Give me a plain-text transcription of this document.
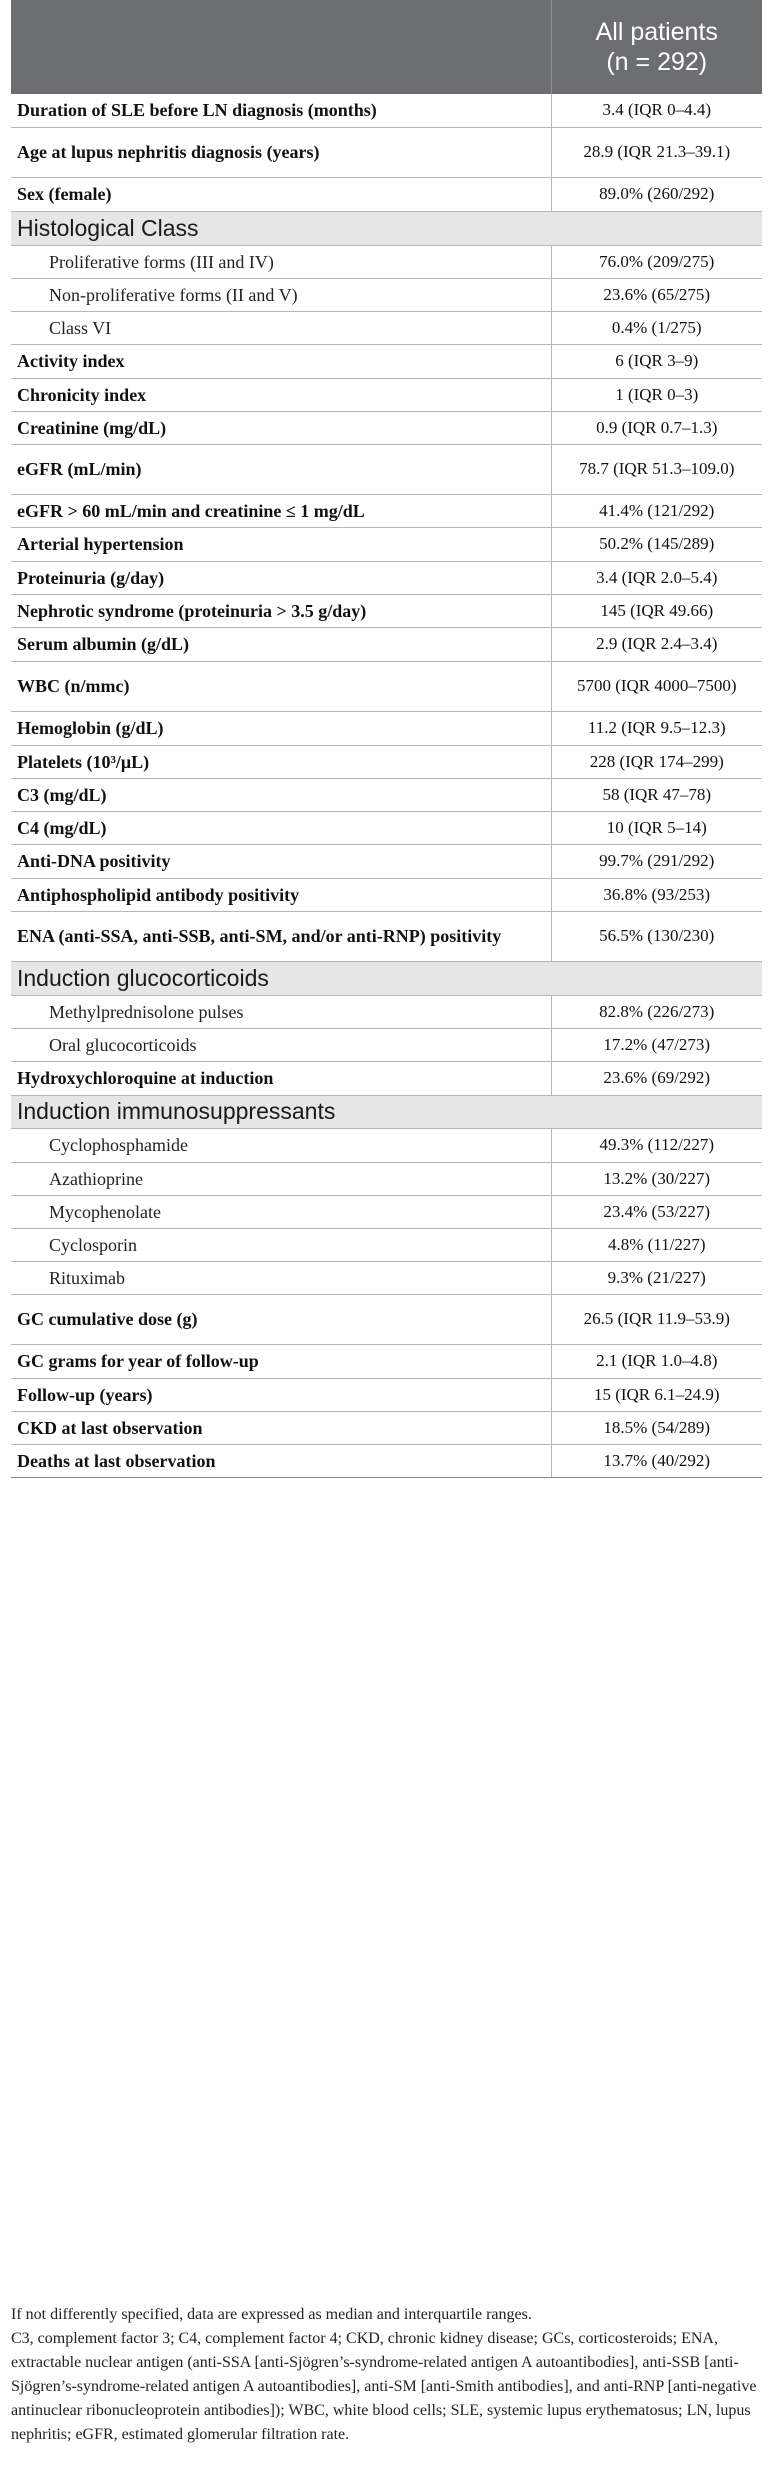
	All patients
(n = 292)

Duration of SLE before LN diagnosis (months)	3.4 (IQR 0–4.4)
Age at lupus nephritis diagnosis (years)	28.9 (IQR 21.3–39.1)
Sex (female)	89.0% (260/292)
Histological Class	
Proliferative forms (III and IV)	76.0% (209/275)
Non-proliferative forms (II and V)	23.6% (65/275)
Class VI	0.4% (1/275)
Activity index	6 (IQR 3–9)
Chronicity index	1 (IQR 0–3)
Creatinine (mg/dL)	0.9 (IQR 0.7–1.3)
eGFR (mL/min)	78.7 (IQR 51.3–109.0)
eGFR > 60 mL/min and creatinine ≤ 1 mg/dL	41.4% (121/292)
Arterial hypertension	50.2% (145/289)
Proteinuria (g/day)	3.4 (IQR 2.0–5.4)
Nephrotic syndrome (proteinuria > 3.5 g/day)	145 (IQR 49.66)
Serum albumin (g/dL)	2.9 (IQR 2.4–3.4)
WBC (n/mmc)	5700 (IQR 4000–7500)
Hemoglobin (g/dL)	11.2 (IQR 9.5–12.3)
Platelets (10³/μL)	228 (IQR 174–299)
C3 (mg/dL)	58 (IQR 47–78)
C4 (mg/dL)	10 (IQR 5–14)
Anti-DNA positivity	99.7% (291/292)
Antiphospholipid antibody positivity	36.8% (93/253)
ENA (anti-SSA, anti-SSB, anti-SM, and/or anti-RNP) positivity	56.5% (130/230)
Induction glucocorticoids	
Methylprednisolone pulses	82.8% (226/273)
Oral glucocorticoids	17.2% (47/273)
Hydroxychloroquine at induction	23.6% (69/292)
Induction immunosuppressants	
Cyclophosphamide	49.3% (112/227)
Azathioprine	13.2% (30/227)
Mycophenolate	23.4% (53/227)
Cyclosporin	4.8% (11/227)
Rituximab	9.3% (21/227)
GC cumulative dose (g)	26.5 (IQR 11.9–53.9)
GC grams for year of follow-up	2.1 (IQR 1.0–4.8)
Follow-up (years)	15 (IQR 6.1–24.9)
CKD at last observation	18.5% (54/289)
Deaths at last observation	13.7% (40/292)

If not differently specified, data are expressed as median and interquartile ranges.

C3, complement factor 3; C4, complement factor 4; CKD, chronic kidney disease; GCs, corticosteroids; ENA, extractable nuclear antigen (anti-SSA [anti-Sjögren’s-syndrome-related antigen A autoantibodies], anti-SSB [anti-Sjögren’s-syndrome-related antigen A autoantibodies], anti-SM [anti-Smith antibodies], and anti-RNP [anti-negative antinuclear ribonucleoprotein antibodies]); WBC, white blood cells; SLE, systemic lupus erythematosus; LN, lupus nephritis; eGFR, estimated glomerular filtration rate.
